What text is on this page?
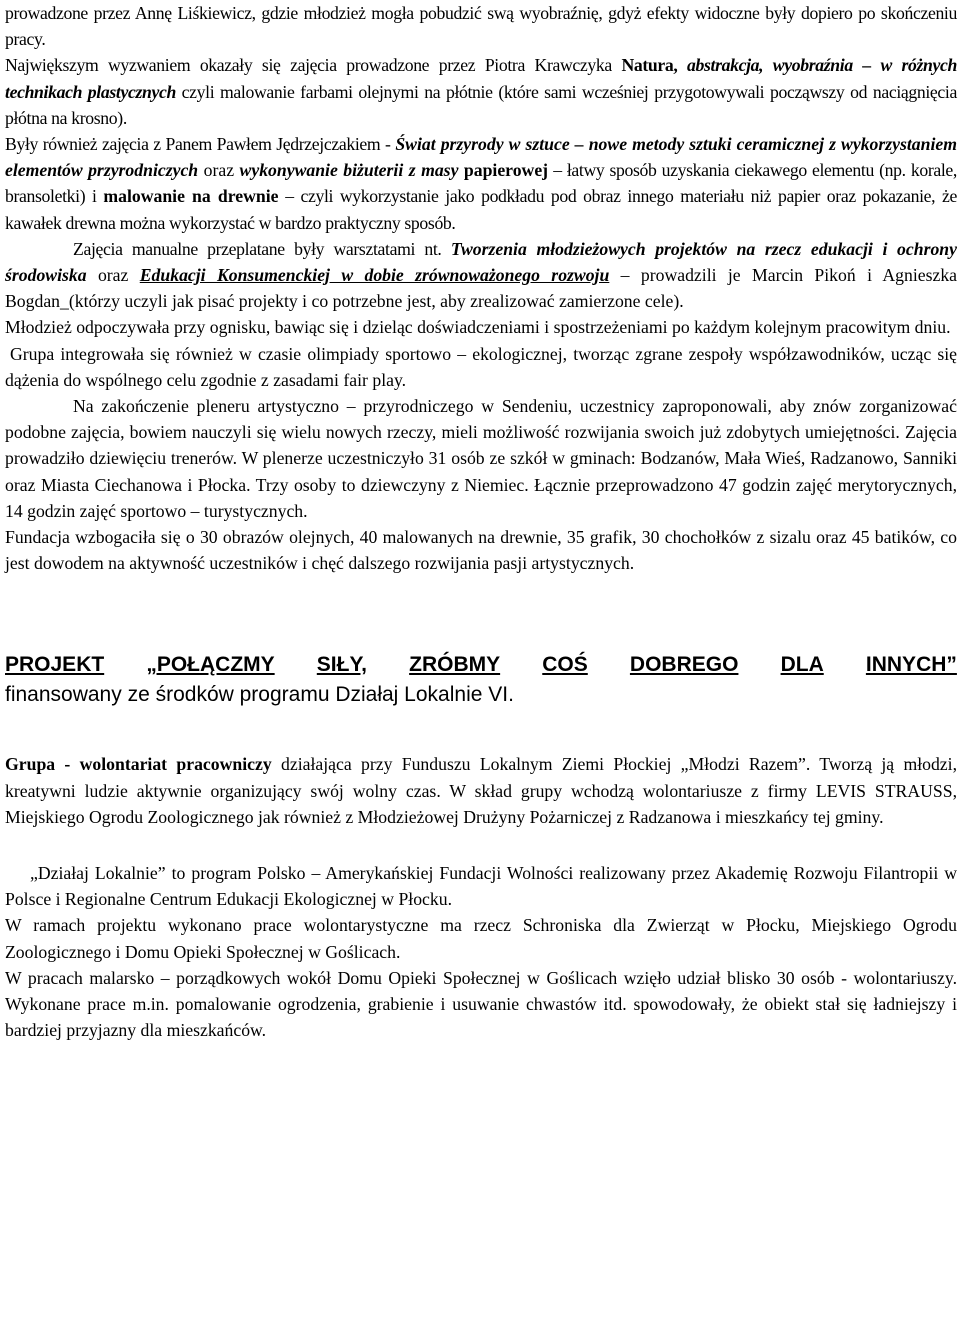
prowadzone przez Annę Liśkiewicz, gdzie młodzież mogła pobudzić swą wyobraźnię, gdyż efekty widoczne były dopiero po skończeniu pracy.

Największym wyzwaniem okazały się zajęcia prowadzone przez Piotra Krawczyka Natura, abstrakcja, wyobraźnia – w różnych technikach plastycznych czyli malowanie farbami olejnymi na płótnie (które sami wcześniej przygotowywali począwszy od naciągnięcia płótna na krosno).

Były również zajęcia z Panem Pawłem Jędrzejczakiem - Świat przyrody w sztuce – nowe metody sztuki ceramicznej z wykorzystaniem elementów przyrodniczych oraz wykonywanie biżuterii z masy papierowej – łatwy sposób uzyskania ciekawego elementu (np. korale, bransoletki) i malowanie na drewnie – czyli wykorzystanie jako podkładu pod obraz innego materiału niż papier oraz pokazanie, że kawałek drewna można wykorzystać w bardzo praktyczny sposób.

Zajęcia manualne przeplatane były warsztatami nt. Tworzenia młodzieżowych projektów na rzecz edukacji i ochrony środowiska oraz Edukacji Konsumenckiej w dobie zrównoważonego rozwoju – prowadzili je Marcin Pikoń i Agnieszka Bogdan_(którzy uczyli jak pisać projekty i co potrzebne jest, aby zrealizować zamierzone cele).

Młodzież odpoczywała przy ognisku, bawiąc się i dzieląc doświadczeniami i spostrzeżeniami po każdym kolejnym pracowitym dniu.

Grupa integrowała się również w czasie olimpiady sportowo – ekologicznej, tworząc zgrane zespoły współzawodników, ucząc się dążenia do wspólnego celu zgodnie z zasadami fair play.

Na zakończenie pleneru artystyczno – przyrodniczego w Sendeniu, uczestnicy zaproponowali, aby znów zorganizować podobne zajęcia, bowiem nauczyli się wielu nowych rzeczy, mieli możliwość rozwijania swoich już zdobytych umiejętności. Zajęcia prowadziło dziewięciu trenerów. W plenerze uczestniczyło 31 osób ze szkół w gminach: Bodzanów, Mała Wieś, Radzanowo, Sanniki oraz Miasta Ciechanowa i Płocka. Trzy osoby to dziewczyny z Niemiec. Łącznie przeprowadzono 47 godzin zajęć merytorycznych, 14 godzin zajęć sportowo – turystycznych.

Fundacja wzbogaciła się o 30 obrazów olejnych, 40 malowanych na drewnie, 35 grafik, 30 chochołków z sizalu oraz 45 batików, co jest dowodem na aktywność uczestników i chęć dalszego rozwijania pasji artystycznych.

PROJEKT „POŁĄCZMY SIŁY, ZRÓBMY COŚ DOBREGO DLA INNYCH”

finansowany ze środków programu Działaj Lokalnie VI.

Grupa - wolontariat pracowniczy działająca przy Funduszu Lokalnym Ziemi Płockiej „Młodzi Razem”. Tworzą ją młodzi, kreatywni ludzie aktywnie organizujący swój wolny czas. W skład grupy wchodzą wolontariusze z firmy LEVIS STRAUSS, Miejskiego Ogrodu Zoologicznego jak również z Młodzieżowej Drużyny Pożarniczej z Radzanowa i mieszkańcy tej gminy.

„Działaj Lokalnie” to program Polsko – Amerykańskiej Fundacji Wolności realizowany przez Akademię Rozwoju Filantropii w Polsce i Regionalne Centrum Edukacji Ekologicznej w Płocku.

W ramach projektu wykonano prace wolontarystyczne ma rzecz Schroniska dla Zwierząt w Płocku, Miejskiego Ogrodu Zoologicznego i Domu Opieki Społecznej w Goślicach.

W pracach malarsko – porządkowych wokół Domu Opieki Społecznej w Goślicach wzięło udział blisko 30 osób - wolontariuszy. Wykonane prace m.in. pomalowanie ogrodzenia, grabienie i usuwanie chwastów itd. spowodowały, że obiekt stał się ładniejszy i bardziej przyjazny dla mieszkańców.
